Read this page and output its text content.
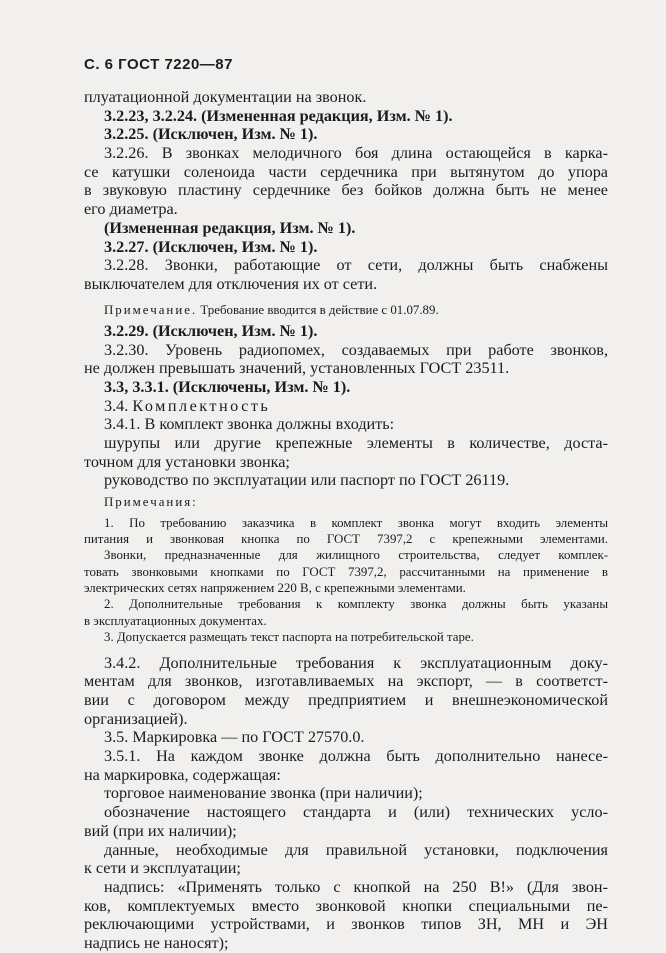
С. 6 ГОСТ 7220—87
плуатационной документации на звонок.
3.2.23, 3.2.24. (Измененная редакция, Изм. № 1).
3.2.25. (Исключен, Изм. № 1).
3.2.26. В звонках мелодичного боя длина остающейся в карка-
се катушки соленоида части сердечника при вытянутом до упора
в звуковую пластину сердечнике без бойков должна быть не менее
его диаметра.
(Измененная редакция, Изм. № 1).
3.2.27. (Исключен, Изм. № 1).
3.2.28. Звонки, работающие от сети, должны быть снабжены
выключателем для отключения их от сети.
Примечание. Требование вводится в действие с 01.07.89.
3.2.29. (Исключен, Изм. № 1).
3.2.30. Уровень радиопомех, создаваемых при работе звонков,
не должен превышать значений, установленных ГОСТ 23511.
3.3, 3.3.1. (Исключены, Изм. № 1).
3.4. Комплектность
3.4.1. В комплект звонка должны входить:
шурупы или другие крепежные элементы в количестве, доста-
точном для установки звонка;
руководство по эксплуатации или паспорт по ГОСТ 26119.
Примечания:
1. По требованию заказчика в комплект звонка могут входить элементы
питания и звонковая кнопка по ГОСТ 7397,2 с крепежными элементами.
Звонки, предназначенные для жилищного строительства, следует комплек-
товать звонковыми кнопками по ГОСТ 7397,2, рассчитанными на применение в
электрических сетях напряжением 220 В, с крепежными элементами.
2. Дополнительные требования к комплекту звонка должны быть указаны
в эксплуатационных документах.
3. Допускается размещать текст паспорта на потребительской таре.
3.4.2. Дополнительные требования к эксплуатационным доку-
ментам для звонков, изготавливаемых на экспорт, — в соответст-
вии с договором между предприятием и внешнеэкономической
организацией).
3.5. Маркировка — по ГОСТ 27570.0.
3.5.1. На каждом звонке должна быть дополнительно нанесе-
на маркировка, содержащая:
торговое наименование звонка (при наличии);
обозначение настоящего стандарта и (или) технических усло-
вий (при их наличии);
данные, необходимые для правильной установки, подключения
к сети и эксплуатации;
надпись: «Применять только с кнопкой на 250 В!» (Для звон-
ков, комплектуемых вместо звонковой кнопки специальными пе-
реключающими устройствами, и звонков типов ЗН, МН и ЭН
надпись не наносят);
